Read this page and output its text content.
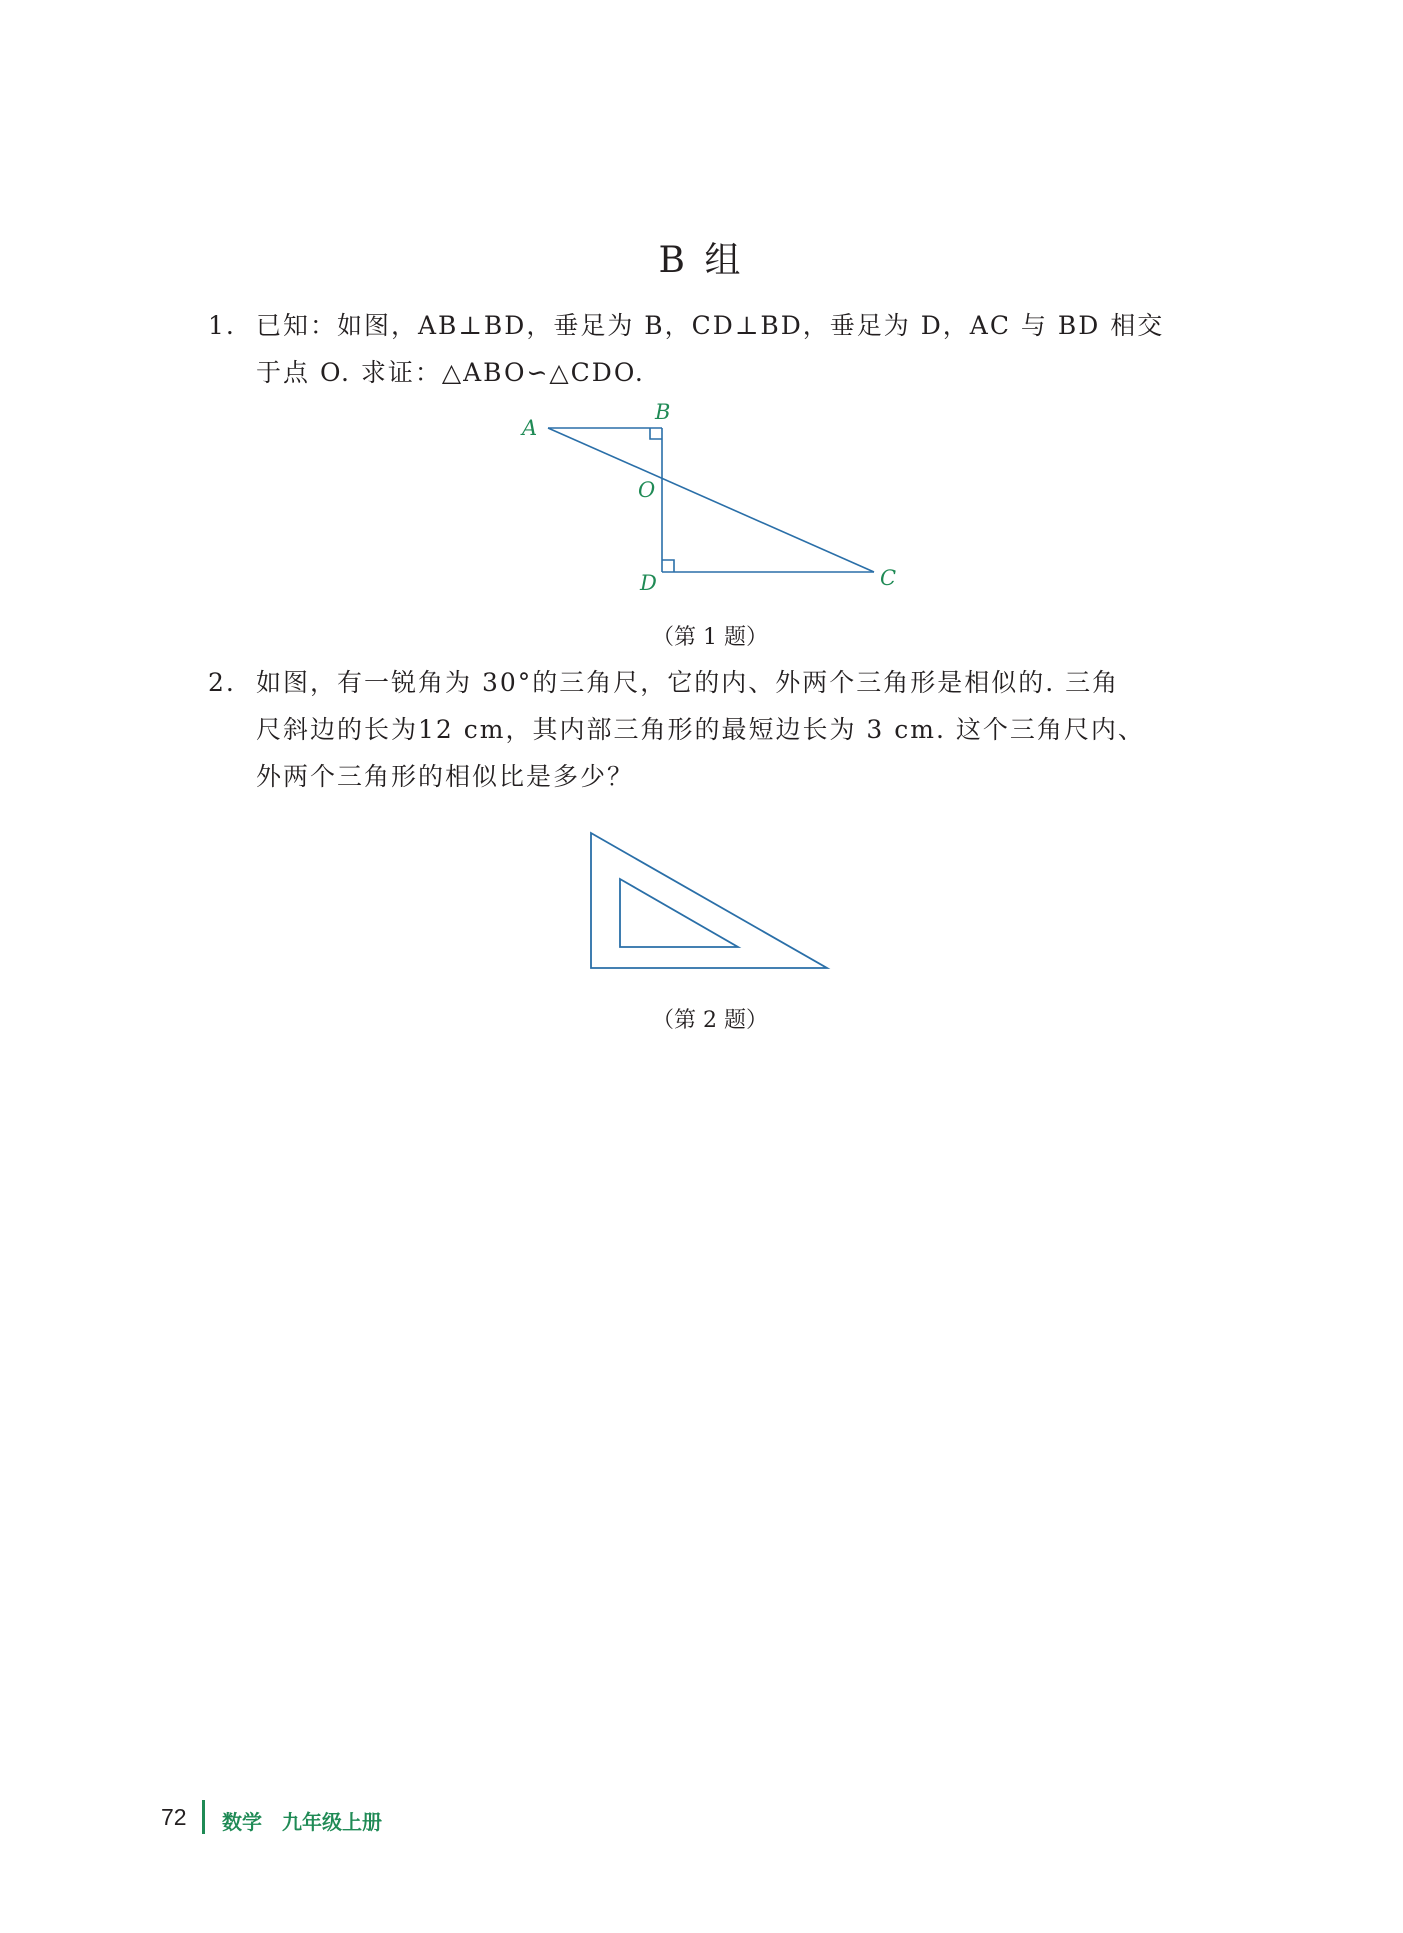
B 组
1. 已知：如图，AB⊥BD，垂足为 B，CD⊥BD，垂足为 D，AC 与 BD 相交
于点 O. 求证：△ABO∽△CDO.
A
B
O
D	C
（第 1 题）
2. 如图，有一锐角为 30°的三角尺，它的内、外两个三角形是相似的. 三角
尺斜边的长为12 cm，其内部三角形的最短边长为 3 cm. 这个三角尺内、
外两个三角形的相似比是多少？
（第 2 题）
72 数学　九年级上册
